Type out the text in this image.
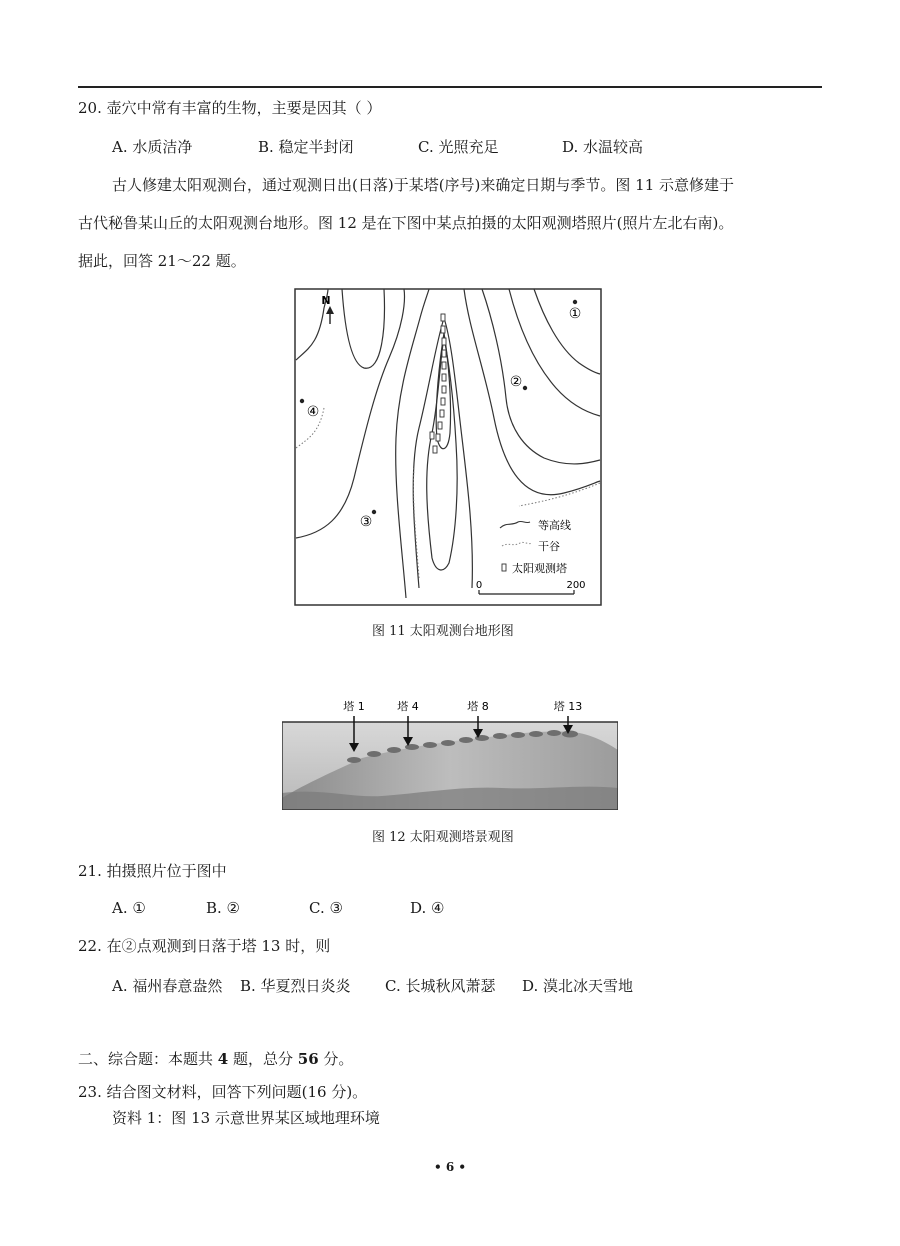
20. 壶穴中常有丰富的生物，主要是因其（ ）
A. 水质洁净	B. 稳定半封闭	C. 光照充足	D. 水温较高
古人修建太阳观测台，通过观测日出(日落)于某塔(序号)来确定日期与季节。图 11 示意修建于
古代秘鲁某山丘的太阳观测台地形。图 12 是在下图中某点拍摄的太阳观测塔照片(照片左北右南)。
据此，回答 21～22 题。
N
①
②
③
④
等高线
干谷
太阳观测塔
0	200
图 11 太阳观测台地形图
塔 1	塔 4	塔 8	塔 13
图 12 太阳观测塔景观图
21. 拍摄照片位于图中
A. ①	B. ②	C. ③	D. ④
22. 在②点观测到日落于塔 13 时，则
A. 福州春意盎然 B. 华夏烈日炎炎 C. 长城秋风萧瑟 D. 漠北冰天雪地
二、综合题：本题共 4 题，总分 56 分。
23. 结合图文材料，回答下列问题(16 分)。
资料 1：图 13 示意世界某区域地理环境
• 6 •
